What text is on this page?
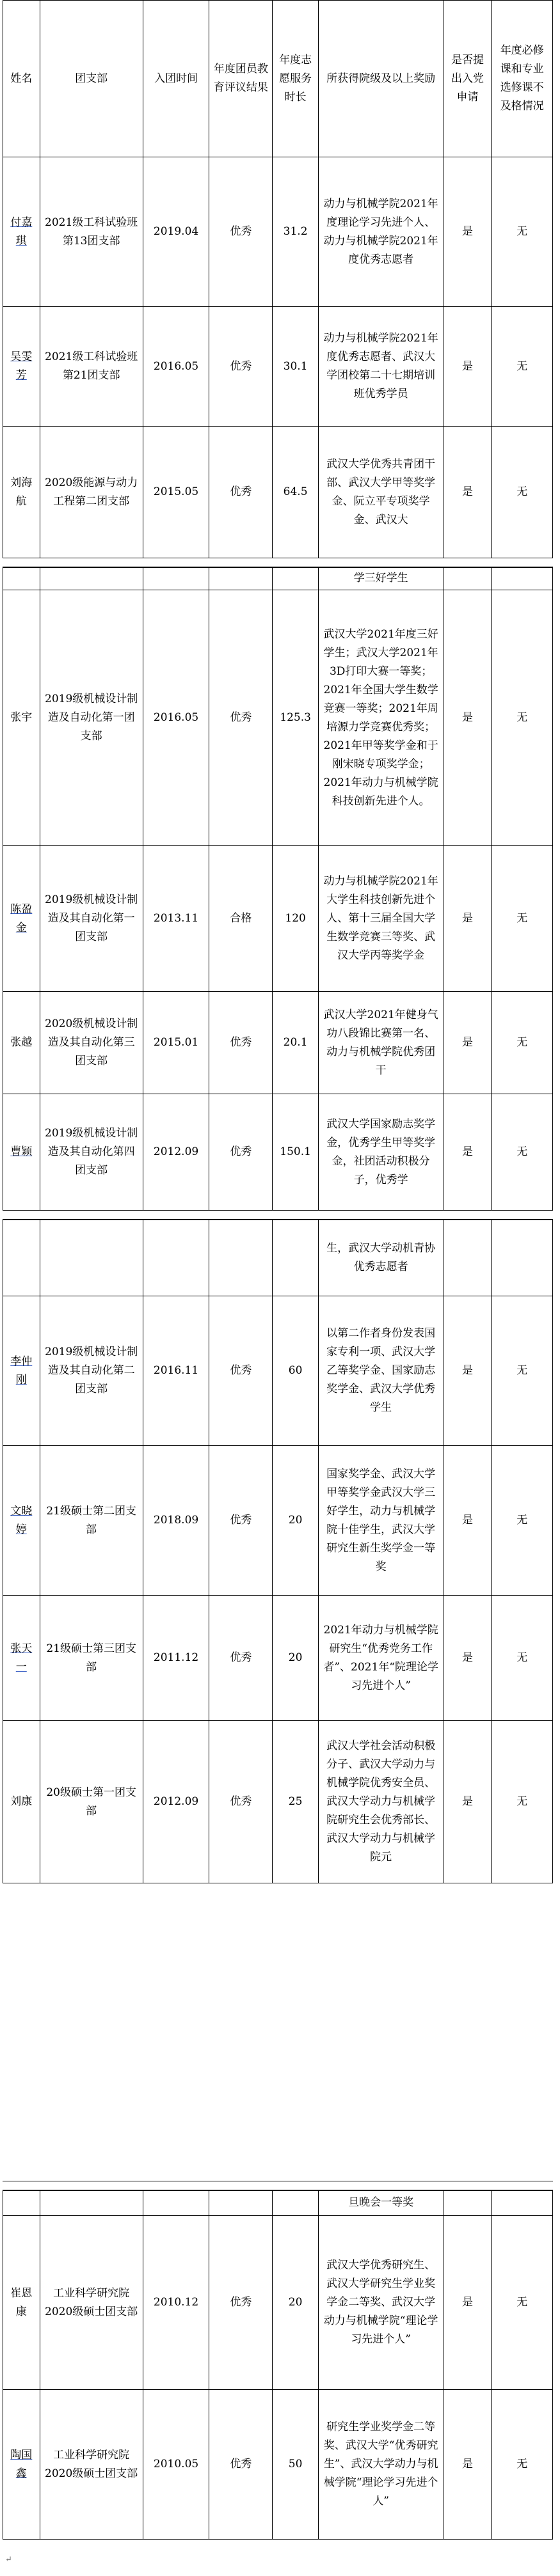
姓名	团支部	入团时间	年度团员教育评议结果	年度志愿服务时长	所获得院级及以上奖励	是否提出入党申请	年度必修课和专业选修课不及格情况
付嘉琪	2021级工科试验班第13团支部	2019.04	优秀	31.2	动力与机械学院2021年度理论学习先进个人、动力与机械学院2021年度优秀志愿者	是	无
吴雯芳	2021级工科试验班第21团支部	2016.05	优秀	30.1	动力与机械学院2021年度优秀志愿者、武汉大学团校第二十七期培训班优秀学员	是	无
刘海航	2020级能源与动力工程第二团支部	2015.05	优秀	64.5	武汉大学优秀共青团干部、武汉大学甲等奖学金、阮立平专项奖学金、武汉大	是	无
					学三好学生		
张宇	2019级机械设计制造及自动化第一团支部	2016.05	优秀	125.3	武汉大学2021年度三好学生；武汉大学2021年3D打印大赛一等奖；2021年全国大学生数学竞赛一等奖；2021年周培源力学竞赛优秀奖；2021年甲等奖学金和于刚宋晓专项奖学金；2021年动力与机械学院科技创新先进个人。	是	无
陈盈金	2019级机械设计制造及其自动化第一团支部	2013.11	合格	120	动力与机械学院2021年大学生科技创新先进个人、第十三届全国大学生数学竞赛三等奖、武汉大学丙等奖学金	是	无
张越	2020级机械设计制造及其自动化第三团支部	2015.01	优秀	20.1	武汉大学2021年健身气功八段锦比赛第一名、动力与机械学院优秀团干	是	无
曹颖	2019级机械设计制造及其自动化第四团支部	2012.09	优秀	150.1	武汉大学国家励志奖学金，优秀学生甲等奖学金，社团活动积极分子，优秀学	是	无
					生，武汉大学动机青协优秀志愿者		
李仲刚	2019级机械设计制造及其自动化第二团支部	2016.11	优秀	60	以第二作者身份发表国家专利一项、武汉大学乙等奖学金、国家励志奖学金、武汉大学优秀学生	是	无
文晓婷	21级硕士第二团支部	2018.09	优秀	20	国家奖学金、武汉大学甲等奖学金武汉大学三好学生，动力与机械学院十佳学生，武汉大学研究生新生奖学金一等奖	是	无
张天一	21级硕士第三团支部	2011.12	优秀	20	2021年动力与机械学院研究生“优秀党务工作者”、2021年“院理论学习先进个人”	是	无
刘康	20级硕士第一团支部	2012.09	优秀	25	武汉大学社会活动积极分子、武汉大学动力与机械学院优秀安全员、武汉大学动力与机械学院研究生会优秀部长、武汉大学动力与机械学院元	是	无
					旦晚会一等奖		
崔恩康	工业科学研究院2020级硕士团支部	2010.12	优秀	20	武汉大学优秀研究生、武汉大学研究生学业奖学金二等奖、武汉大学动力与机械学院“理论学习先进个人”	是	无
陶国鑫	工业科学研究院2020级硕士团支部	2010.05	优秀	50	研究生学业奖学金二等奖、武汉大学“优秀研究生”、武汉大学动力与机械学院“理论学习先进个人”	是	无
↵
